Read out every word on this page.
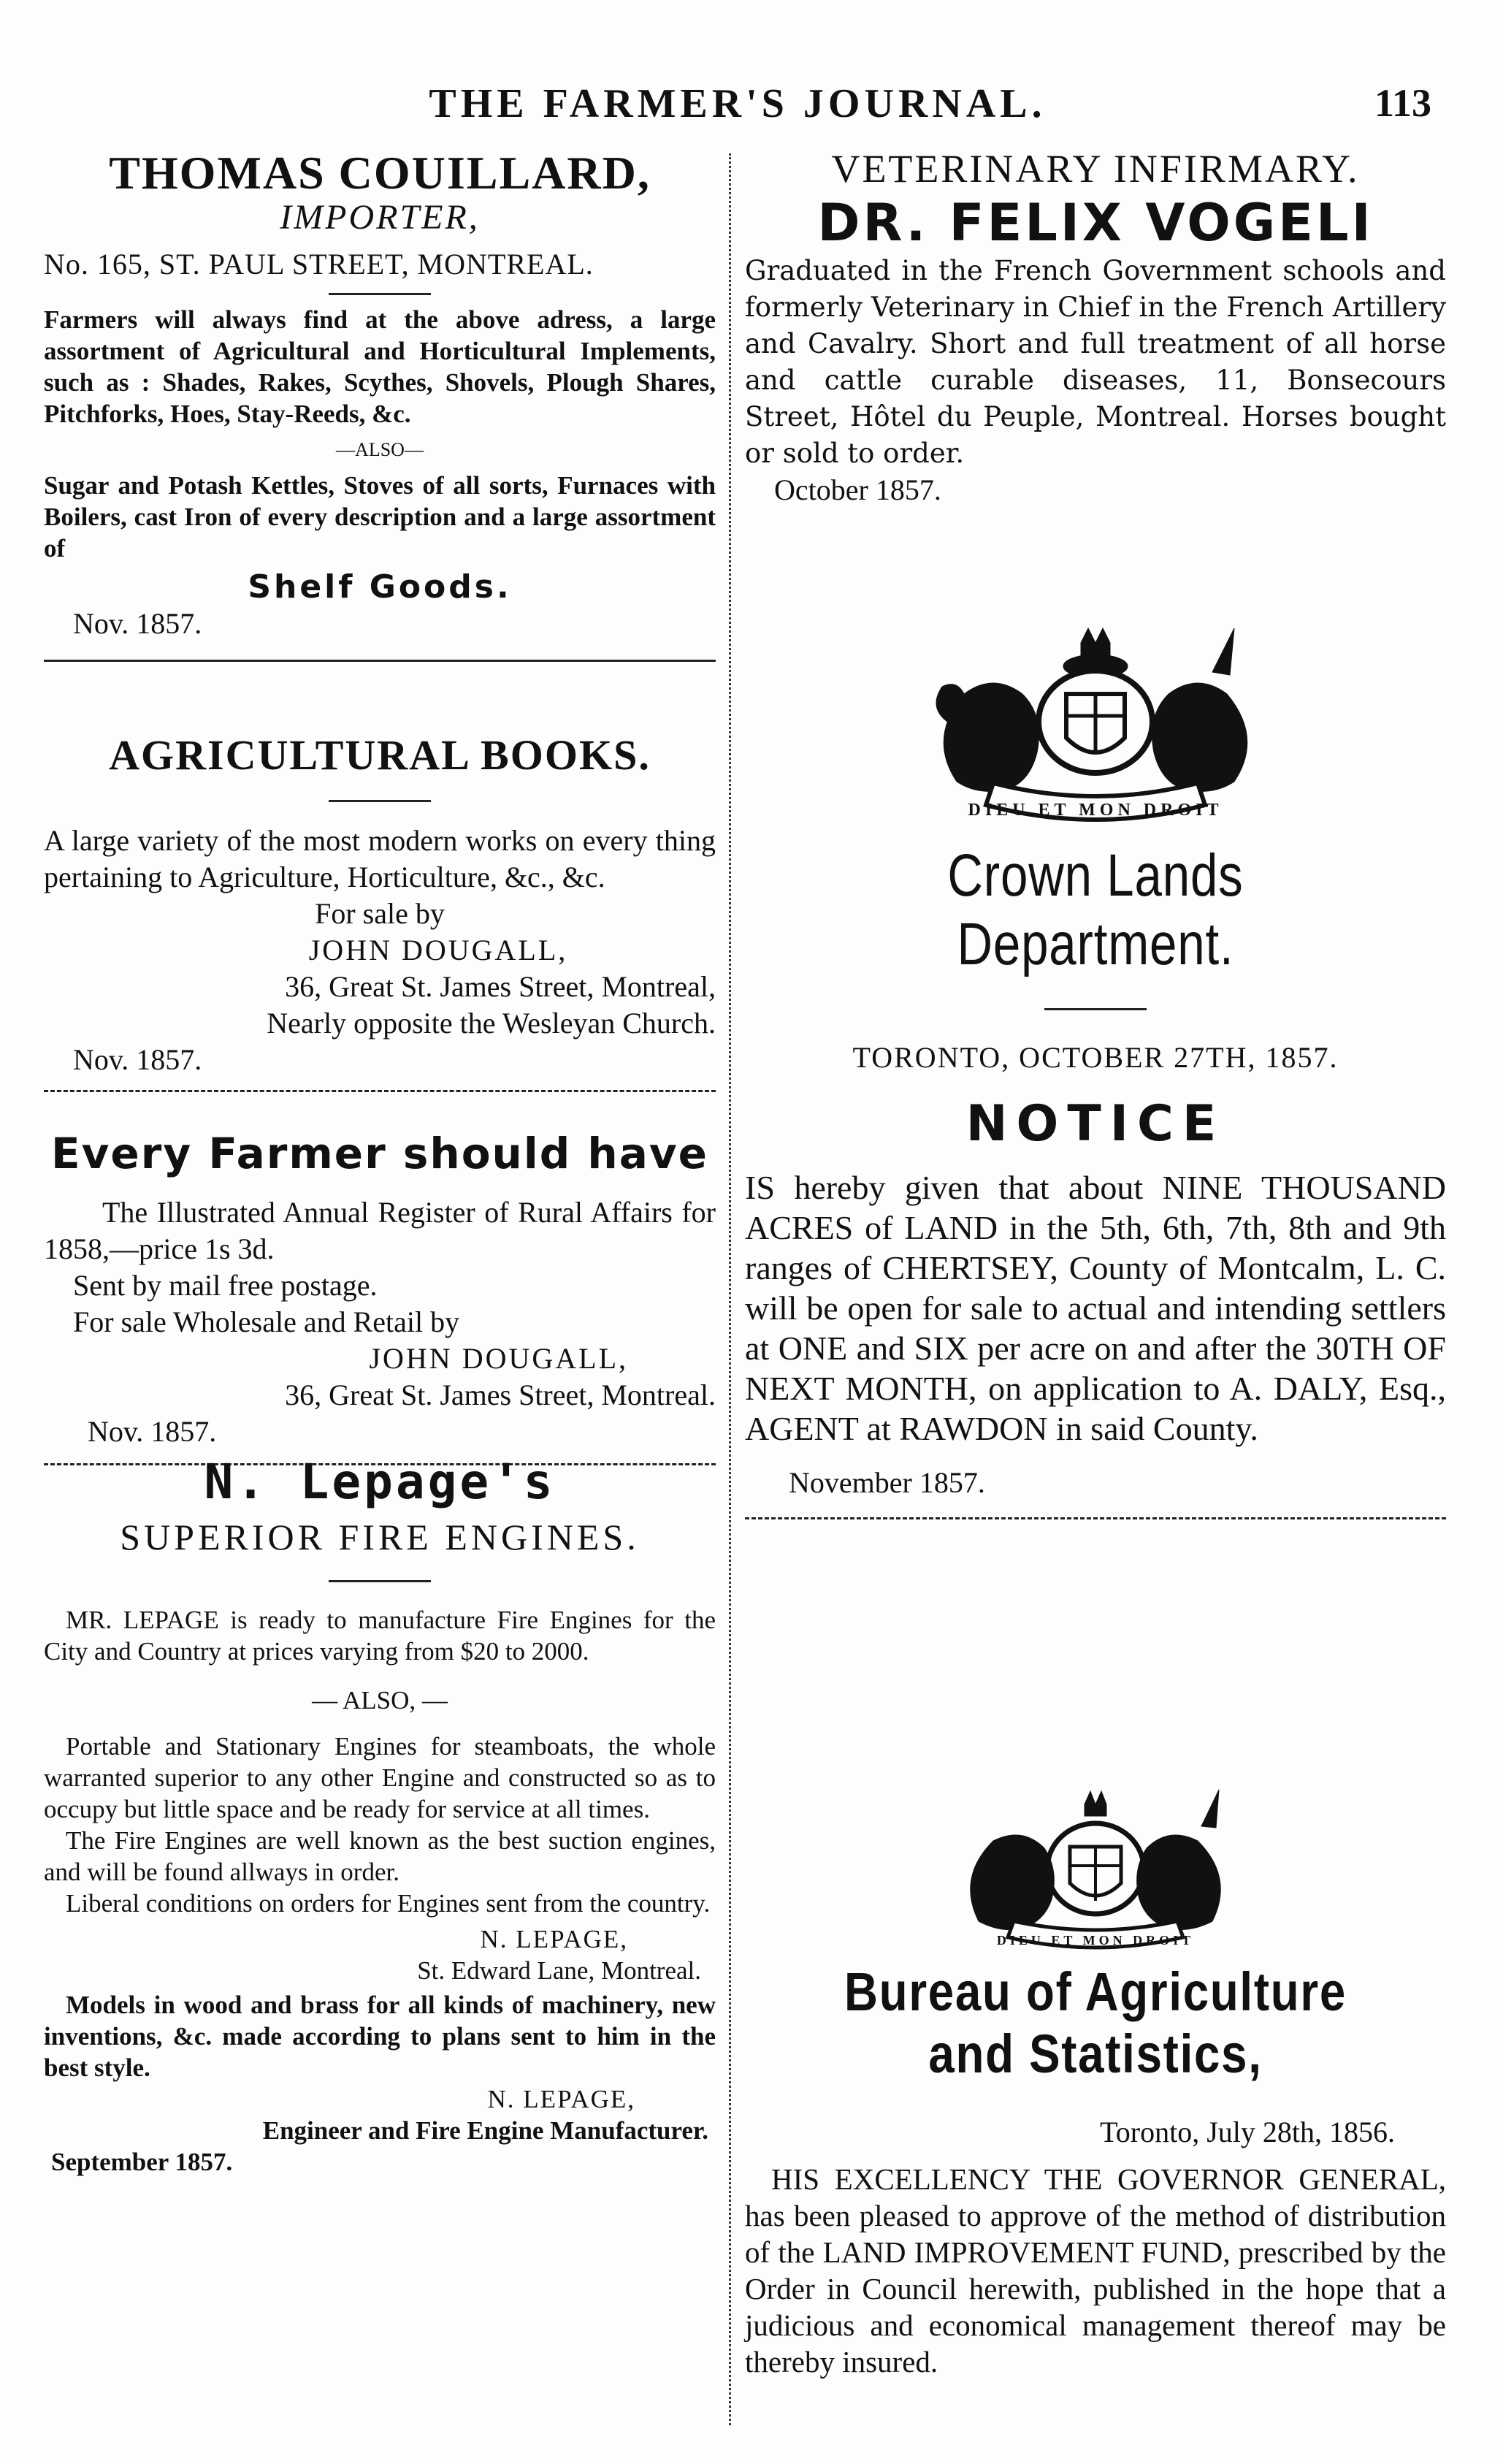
THE FARMER'S JOURNAL.	113

THOMAS COUILLARD,

IMPORTER,

No. 165, ST. PAUL STREET, MONTREAL.

Farmers will always find at the above adress, a large assortment of Agricultural and Horticultural Implements, such as : Shades, Rakes, Scythes, Shovels, Plough Shares, Pitchforks, Hoes, Stay-Reeds, &c.

—ALSO—

Sugar and Potash Kettles, Stoves of all sorts, Furnaces with Boilers, cast Iron of every description and a large assortment of

Shelf Goods.

Nov. 1857.

AGRICULTURAL BOOKS.

A large variety of the most modern works on every thing pertaining to Agriculture, Horticulture, &c., &c.

For sale by

JOHN DOUGALL,

36, Great St. James Street, Montreal,

Nearly opposite the Wesleyan Church.

Nov. 1857.

Every Farmer should have

The Illustrated Annual Register of Rural Affairs for 1858,—price 1s 3d.

Sent by mail free postage.

For sale Wholesale and Retail by

JOHN DOUGALL,

36, Great St. James Street, Montreal.

Nov. 1857.

N. Lepage's

SUPERIOR FIRE ENGINES.

MR. LEPAGE is ready to manufacture Fire Engines for the City and Country at prices varying from $20 to 2000.

— ALSO, —

Portable and Stationary Engines for steamboats, the whole warranted superior to any other Engine and constructed so as to occupy but little space and be ready for service at all times.

The Fire Engines are well known as the best suction engines, and will be found allways in order.

Liberal conditions on orders for Engines sent from the country.

N. LEPAGE,

St. Edward Lane, Montreal.

Models in wood and brass for all kinds of machinery, new inventions, &c. made according to plans sent to him in the best style.

N. LEPAGE,

Engineer and Fire Engine Manufacturer.

September 1857.

VETERINARY INFIRMARY.

DR. FELIX VOGELI

Graduated in the French Government schools and formerly Veterinary in Chief in the French Artillery and Cavalry. Short and full treatment of all horse and cattle curable diseases, 11, Bonsecours Street, Hôtel du Peuple, Montreal. Horses bought or sold to order.

October 1857.

DIEU ET MON DROIT

Crown Lands Department.

TORONTO, OCTOBER 27TH, 1857.

NOTICE

IS hereby given that about NINE THOUSAND ACRES of LAND in the 5th, 6th, 7th, 8th and 9th ranges of CHERTSEY, County of Montcalm, L. C. will be open for sale to actual and intending settlers at ONE and SIX per acre on and after the 30TH OF NEXT MONTH, on application to A. DALY, Esq., AGENT at RAWDON in said County.

November 1857.

DIEU ET MON DROIT

Bureau of Agriculture

and Statistics,

Toronto, July 28th, 1856.

HIS EXCELLENCY THE GOVERNOR GENERAL, has been pleased to approve of the method of distribution of the LAND IMPROVEMENT FUND, prescribed by the Order in Council herewith, published in the hope that a judicious and economical management thereof may be thereby insured.
